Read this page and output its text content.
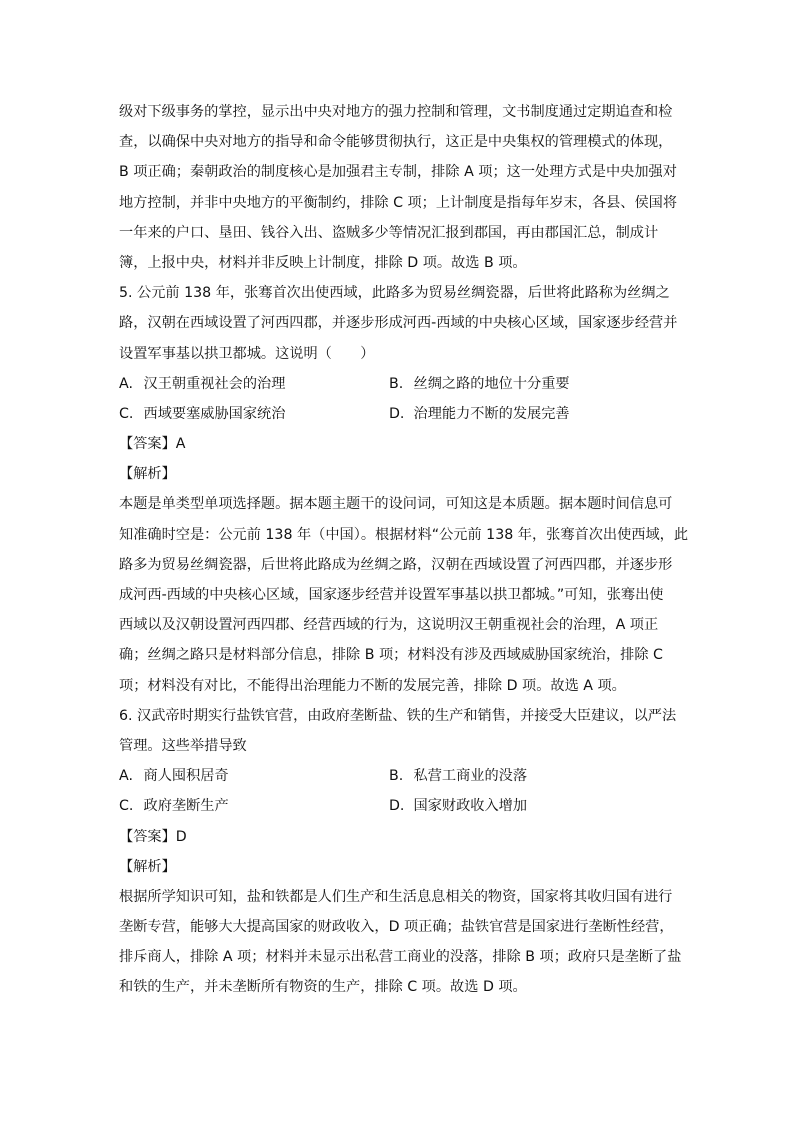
级对下级事务的掌控，显示出中央对地方的强力控制和管理，文书制度通过定期追查和检
查，以确保中央对地方的指导和命令能够贯彻执行，这正是中央集权的管理模式的体现，
B 项正确；秦朝政治的制度核心是加强君主专制，排除 A 项；这一处理方式是中央加强对
地方控制，并非中央地方的平衡制约，排除 C 项；上计制度是指每年岁末，各县、侯国将
一年来的户口、垦田、钱谷入出、盗贼多少等情况汇报到郡国，再由郡国汇总，制成计
簿，上报中央，材料并非反映上计制度，排除 D 项。故选 B 项。
5. 公元前 138 年，张骞首次出使西域，此路多为贸易丝绸瓷器，后世将此路称为丝绸之
路，汉朝在西域设置了河西四郡，并逐步形成河西-西域的中央核心区域，国家逐步经营并
设置军事基以拱卫都城。这说明（　　）
A. 汉王朝重视社会的治理	B. 丝绸之路的地位十分重要
C. 西域要塞威胁国家统治	D. 治理能力不断的发展完善
【答案】A
【解析】
本题是单类型单项选择题。据本题主题干的设问词，可知这是本质题。据本题时间信息可
知准确时空是：公元前 138 年（中国）。根据材料“公元前 138 年，张骞首次出使西域，此
路多为贸易丝绸瓷器，后世将此路成为丝绸之路，汉朝在西域设置了河西四郡，并逐步形
成河西-西域的中央核心区域，国家逐步经营并设置军事基以拱卫都城。”可知，张骞出使
西域以及汉朝设置河西四郡、经营西域的行为，这说明汉王朝重视社会的治理，A 项正
确；丝绸之路只是材料部分信息，排除 B 项；材料没有涉及西域威胁国家统治，排除 C
项；材料没有对比，不能得出治理能力不断的发展完善，排除 D 项。故选 A 项。
6. 汉武帝时期实行盐铁官营，由政府垄断盐、铁的生产和销售，并接受大臣建议，以严法
管理。这些举措导致
A. 商人囤积居奇	B. 私营工商业的没落
C. 政府垄断生产	D. 国家财政收入增加
【答案】D
【解析】
根据所学知识可知，盐和铁都是人们生产和生活息息相关的物资，国家将其收归国有进行
垄断专营，能够大大提高国家的财政收入，D 项正确；盐铁官营是国家进行垄断性经营，
排斥商人，排除 A 项；材料并未显示出私营工商业的没落，排除 B 项；政府只是垄断了盐
和铁的生产，并未垄断所有物资的生产，排除 C 项。故选 D 项。
